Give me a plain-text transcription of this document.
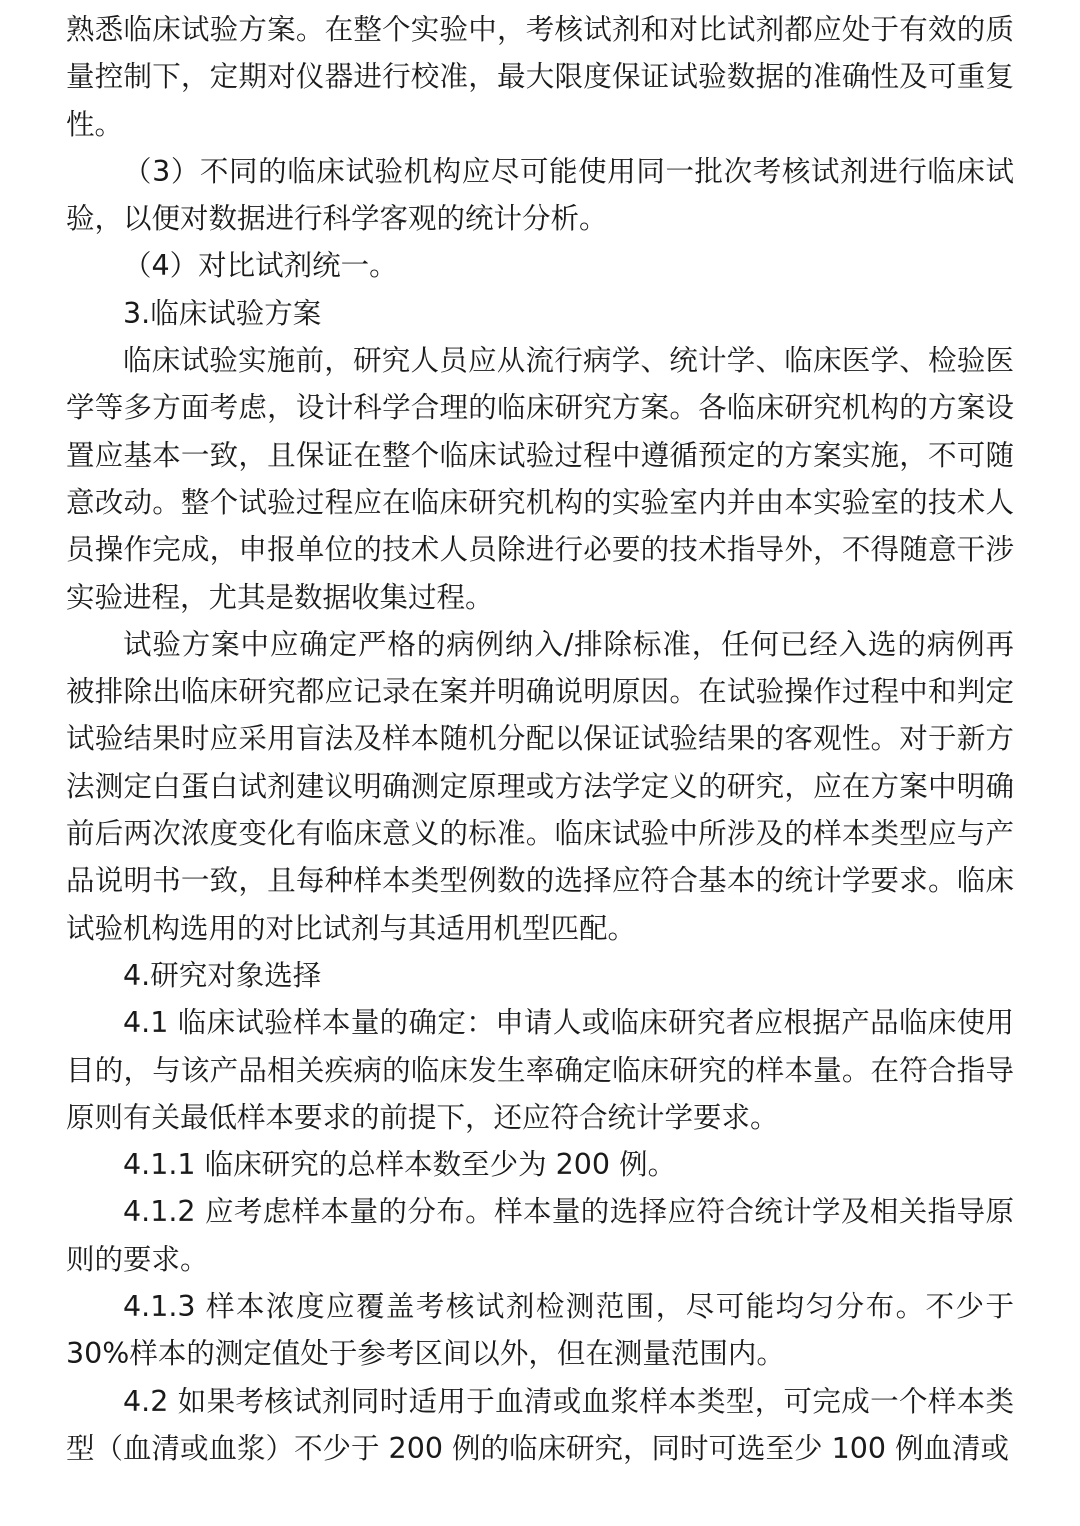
熟悉临床试验方案。在整个实验中，考核试剂和对比试剂都应处于有效的质量控制下，定期对仪器进行校准，最大限度保证试验数据的准确性及可重复性。

（3）不同的临床试验机构应尽可能使用同一批次考核试剂进行临床试验，以便对数据进行科学客观的统计分析。

（4）对比试剂统一。

3.临床试验方案

临床试验实施前，研究人员应从流行病学、统计学、临床医学、检验医学等多方面考虑，设计科学合理的临床研究方案。各临床研究机构的方案设置应基本一致，且保证在整个临床试验过程中遵循预定的方案实施，不可随意改动。整个试验过程应在临床研究机构的实验室内并由本实验室的技术人员操作完成，申报单位的技术人员除进行必要的技术指导外，不得随意干涉实验进程，尤其是数据收集过程。

试验方案中应确定严格的病例纳入/排除标准，任何已经入选的病例再被排除出临床研究都应记录在案并明确说明原因。在试验操作过程中和判定试验结果时应采用盲法及样本随机分配以保证试验结果的客观性。对于新方法测定白蛋白试剂建议明确测定原理或方法学定义的研究，应在方案中明确前后两次浓度变化有临床意义的标准。临床试验中所涉及的样本类型应与产品说明书一致，且每种样本类型例数的选择应符合基本的统计学要求。临床试验机构选用的对比试剂与其适用机型匹配。

4.研究对象选择

4.1 临床试验样本量的确定：申请人或临床研究者应根据产品临床使用目的，与该产品相关疾病的临床发生率确定临床研究的样本量。在符合指导原则有关最低样本要求的前提下，还应符合统计学要求。

4.1.1 临床研究的总样本数至少为 200 例。

4.1.2 应考虑样本量的分布。样本量的选择应符合统计学及相关指导原则的要求。

4.1.3 样本浓度应覆盖考核试剂检测范围，尽可能均匀分布。不少于 30%样本的测定值处于参考区间以外，但在测量范围内。

4.2 如果考核试剂同时适用于血清或血浆样本类型，可完成一个样本类型（血清或血浆）不少于 200 例的临床研究，同时可选至少 100 例血清或
